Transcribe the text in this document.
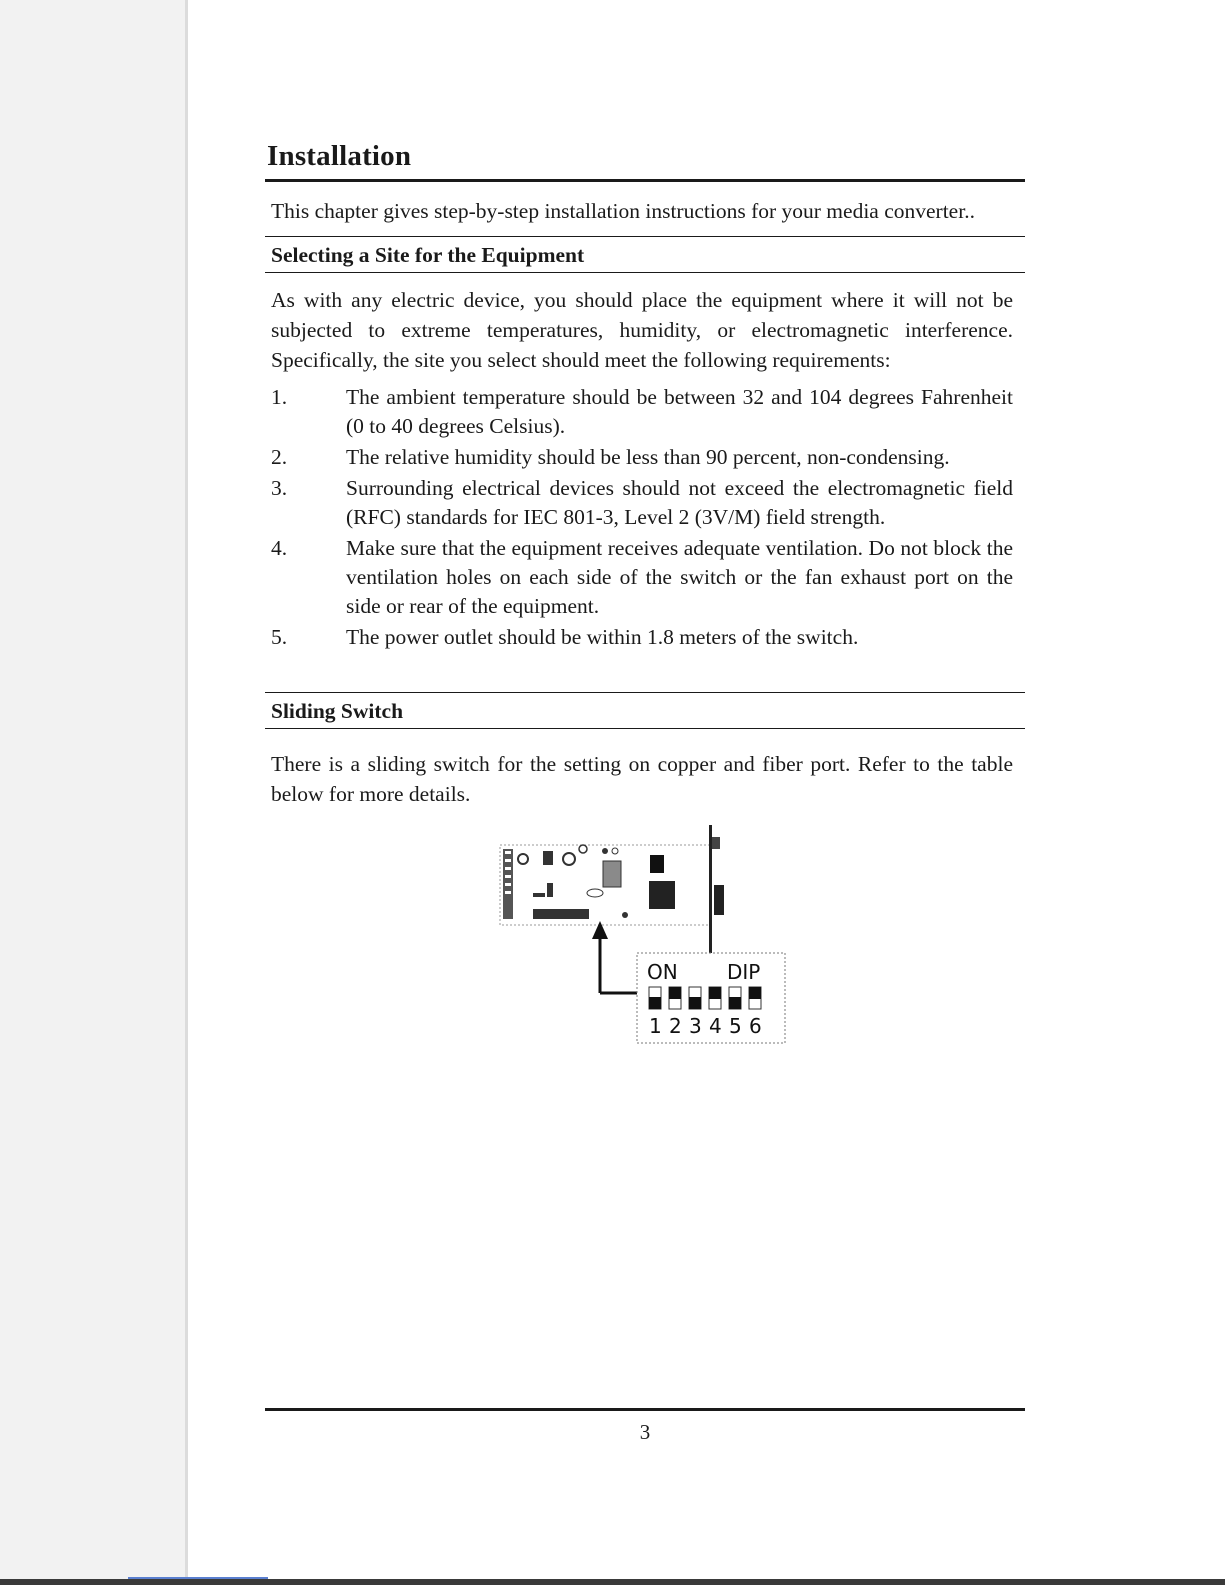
Installation

This chapter gives step-by-step installation instructions for your media converter..

Selecting a Site for the Equipment

As with any electric device, you should place the equipment where it will not be subjected to extreme temperatures, humidity, or electromagnetic interference. Specifically, the site you select should meet the following requirements:

1.	The ambient temperature should be between 32 and 104 degrees Fahrenheit (0 to 40 degrees Celsius).
2.	The relative humidity should be less than 90 percent, non-condensing.
3.	Surrounding electrical devices should not exceed the electromagnetic field (RFC) standards for IEC 801-3, Level 2 (3V/M) field strength.
4.	Make sure that the equipment receives adequate ventilation. Do not block the ventilation holes on each side of the switch or the fan exhaust port on the side or rear of the equipment.
5.	The power outlet should be within 1.8 meters of the switch.
Sliding Switch

There is a sliding switch for the setting on copper and fiber port. Refer to the table below for more details.

ON DIP
1 2 3 4 5 6
3
